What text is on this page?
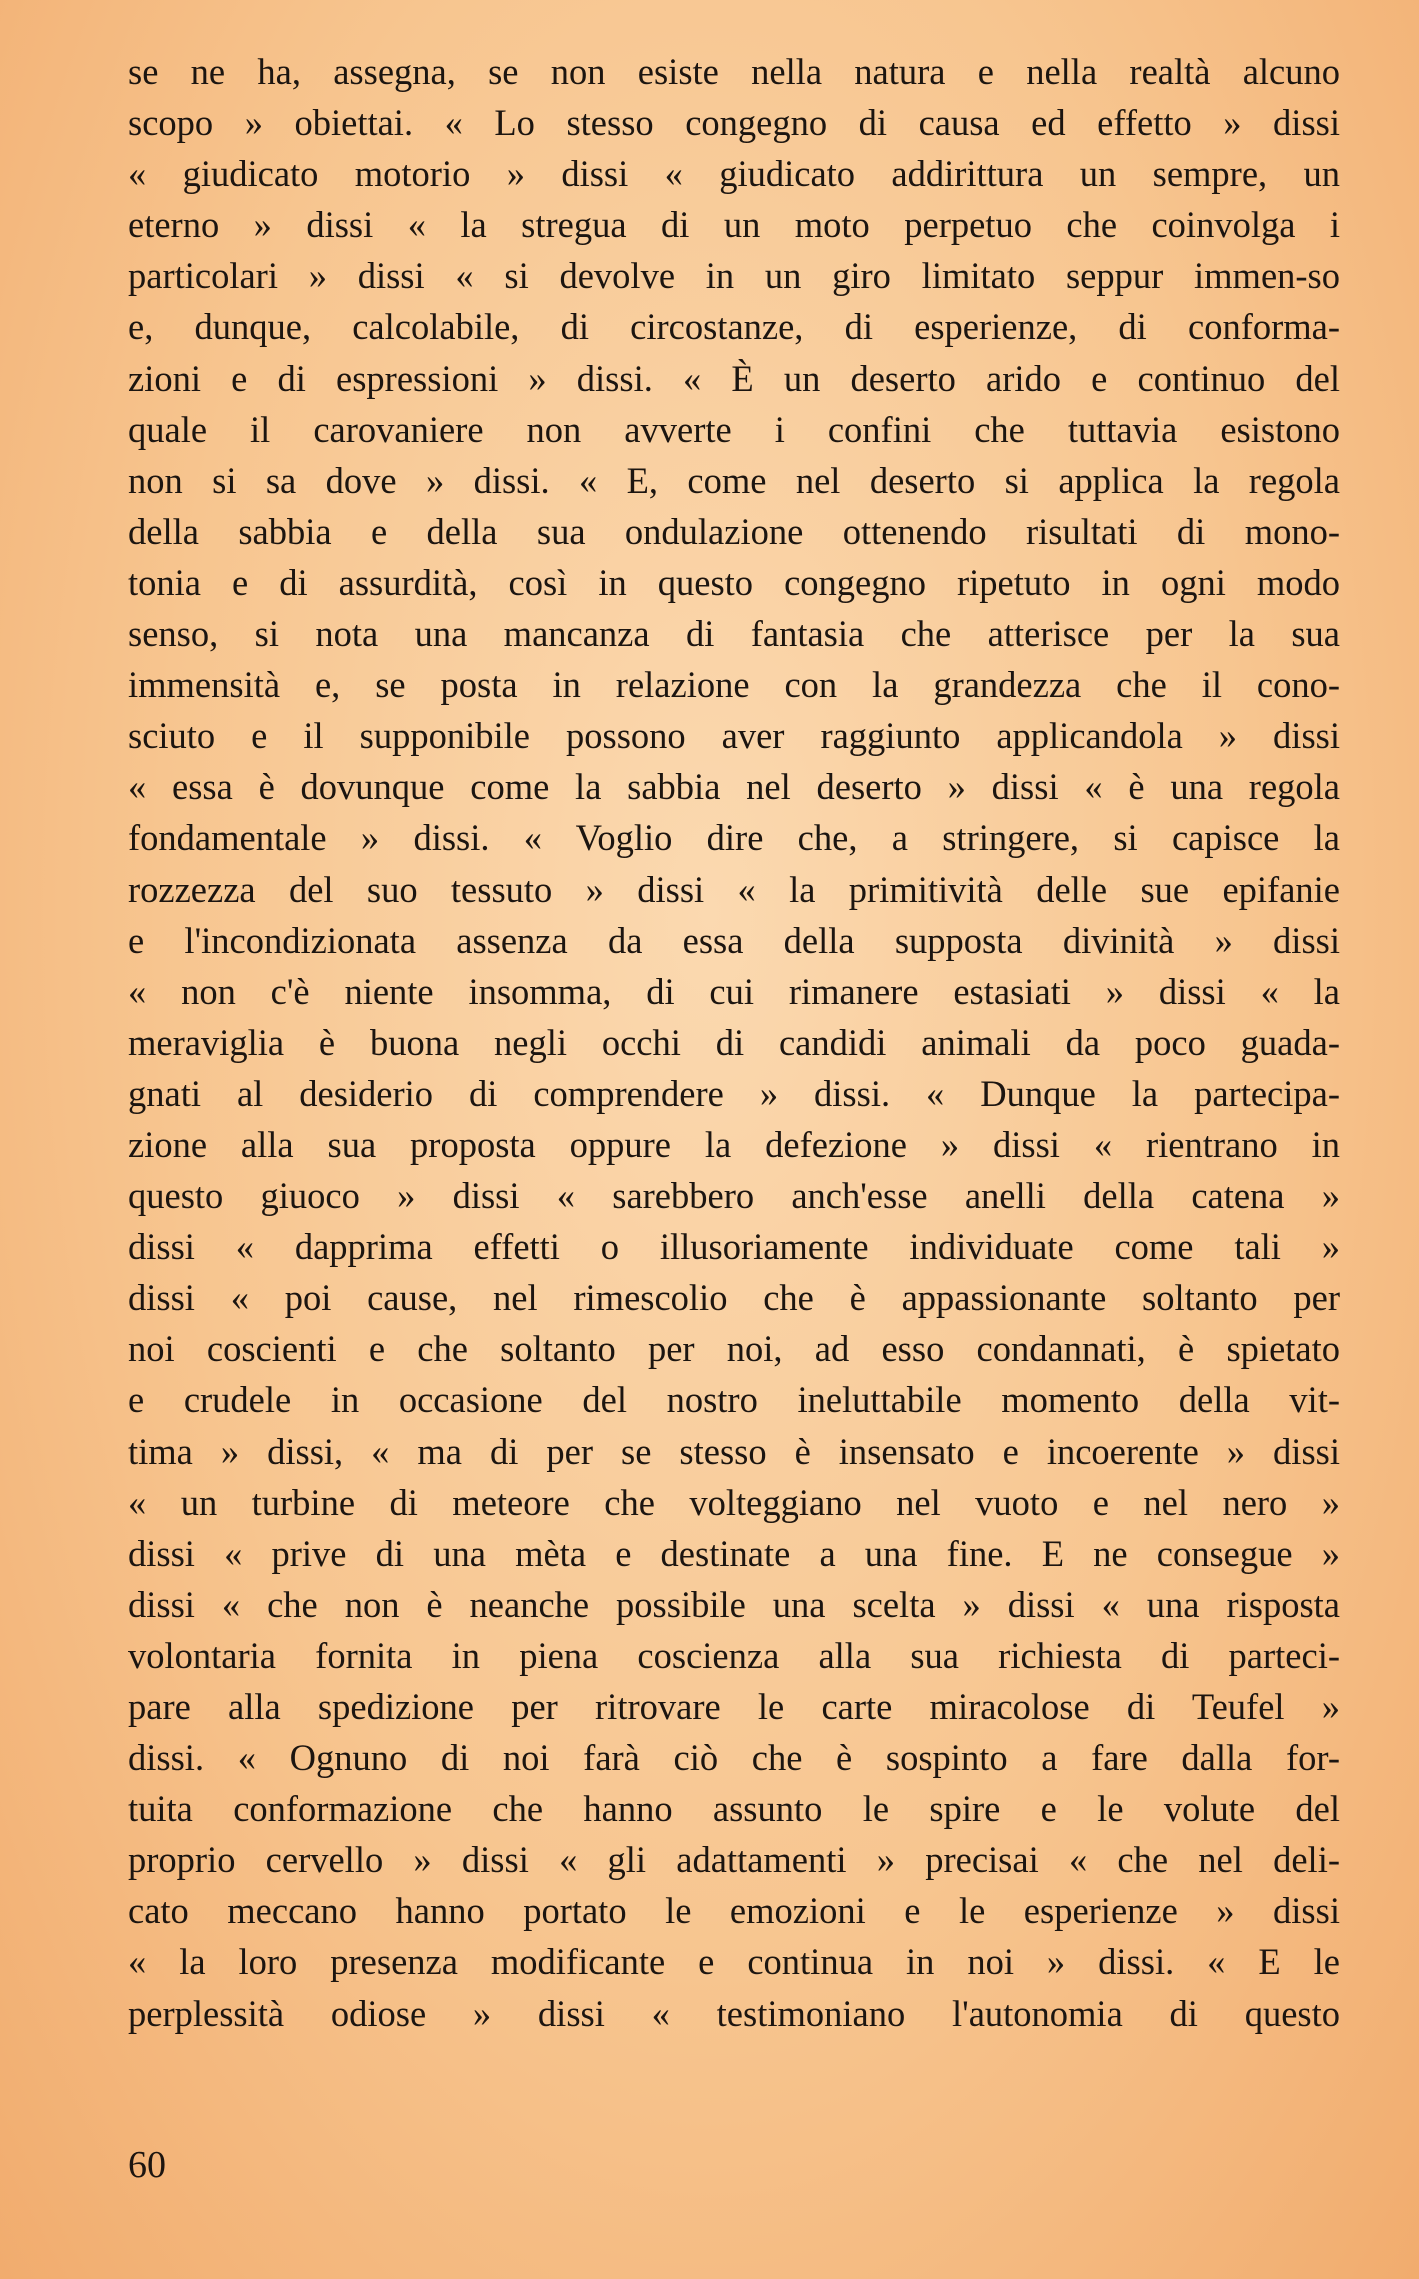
se ne ha, assegna, se non esiste nella natura e nella realtà alcuno
scopo » obiettai. « Lo stesso congegno di causa ed effetto » dissi
« giudicato motorio » dissi « giudicato addirittura un sempre, un
eterno » dissi « la stregua di un moto perpetuo che coinvolga i
particolari » dissi « si devolve in un giro limitato seppur immen-so
e, dunque, calcolabile, di circostanze, di esperienze, di conforma-
zioni e di espressioni » dissi. « È un deserto arido e continuo del
quale il carovaniere non avverte i confini che tuttavia esistono
non si sa dove » dissi. « E, come nel deserto si applica la regola
della sabbia e della sua ondulazione ottenendo risultati di mono-
tonia e di assurdità, così in questo congegno ripetuto in ogni modo
senso, si nota una mancanza di fantasia che atterisce per la sua
immensità e, se posta in relazione con la grandezza che il cono-
sciuto e il supponibile possono aver raggiunto applicandola » dissi
« essa è dovunque come la sabbia nel deserto » dissi « è una regola
fondamentale » dissi. « Voglio dire che, a stringere, si capisce la
rozzezza del suo tessuto » dissi « la primitività delle sue epifanie
e l'incondizionata assenza da essa della supposta divinità » dissi
« non c'è niente insomma, di cui rimanere estasiati » dissi « la
meraviglia è buona negli occhi di candidi animali da poco guada-
gnati al desiderio di comprendere » dissi. « Dunque la partecipa-
zione alla sua proposta oppure la defezione » dissi « rientrano in
questo giuoco » dissi « sarebbero anch'esse anelli della catena »
dissi « dapprima effetti o illusoriamente individuate come tali »
dissi « poi cause, nel rimescolio che è appassionante soltanto per
noi coscienti e che soltanto per noi, ad esso condannati, è spietato
e crudele in occasione del nostro ineluttabile momento della vit-
tima » dissi, « ma di per se stesso è insensato e incoerente » dissi
« un turbine di meteore che volteggiano nel vuoto e nel nero »
dissi « prive di una mèta e destinate a una fine. E ne consegue »
dissi « che non è neanche possibile una scelta » dissi « una risposta
volontaria fornita in piena coscienza alla sua richiesta di parteci-
pare alla spedizione per ritrovare le carte miracolose di Teufel »
dissi. « Ognuno di noi farà ciò che è sospinto a fare dalla for-
tuita conformazione che hanno assunto le spire e le volute del
proprio cervello » dissi « gli adattamenti » precisai « che nel deli-
cato meccano hanno portato le emozioni e le esperienze » dissi
« la loro presenza modificante e continua in noi » dissi. « E le
perplessità odiose » dissi « testimoniano l'autonomia di questo
60
